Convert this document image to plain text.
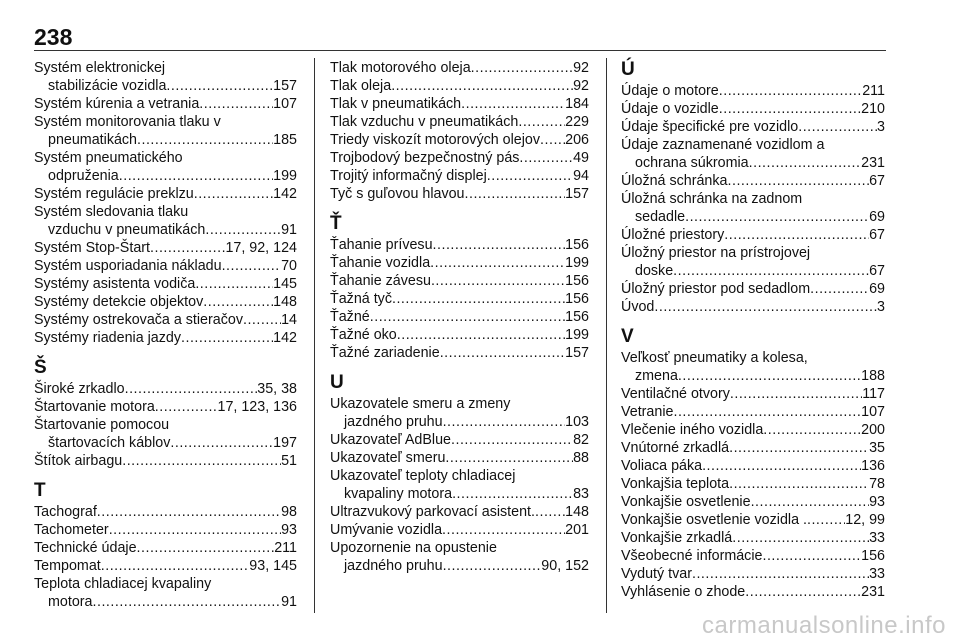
238
Systém elektronickej
stabilizácie vozidla .....	157
Systém kúrenia a vetrania .....	107
Systém monitorovania tlaku v
pneumatikách .....	185
Systém pneumatického
odpruženia .....	199
Systém regulácie preklzu .....	142
Systém sledovania tlaku
vzduchu v pneumatikách .....	91
Systém Stop-Štart .....	17, 92, 124
Systém usporiadania nákladu .....	70
Systémy asistenta vodiča .....	145
Systémy detekcie objektov .....	148
Systémy ostrekovača a stieračov .....	14
Systémy riadenia jazdy .....	142
Š
Široké zrkadlo .....	35, 38
Štartovanie motora .....	17, 123, 136
Štartovanie pomocou
štartovacích káblov .....	197
Štítok airbagu .....	51
T
Tachograf .....	98
Tachometer .....	93
Technické údaje .....	211
Tempomat .....	93, 145
Teplota chladiacej kvapaliny
motora .....	91
Tlak motorového oleja .....	92
Tlak oleja .....	92
Tlak v pneumatikách .....	184
Tlak vzduchu v pneumatikách .....	229
Triedy viskozít motorových olejov ..... 206
Trojbodový bezpečnostný pás .....	49
Trojitý informačný displej .....	94
Tyč s guľovou hlavou .....	157
Ť
Ťahanie prívesu .....	156
Ťahanie vozidla .....	199
Ťahanie závesu .....	156
Ťažná tyč .....	156
Ťažné .....	156
Ťažné oko .....	199
Ťažné zariadenie .....	157
U
Ukazovatele smeru a zmeny
jazdného pruhu .....	103
Ukazovateľ AdBlue .....	82
Ukazovateľ smeru .....	88
Ukazovateľ teploty chladiacej
kvapaliny motora .....	83
Ultrazvukový parkovací asistent. ..... 148
Umývanie vozidla .....	201
Upozornenie na opustenie
jazdného pruhu .....	90, 152
Ú
Údaje o motore .....	211
Údaje o vozidle .....	210
Údaje špecifické pre vozidlo .....	3
Údaje zaznamenané vozidlom a
ochrana súkromia .....	231
Úložná schránka .....	67
Úložná schránka na zadnom
sedadle .....	69
Úložné priestory .....	67
Úložný priestor na prístrojovej
doske .....	67
Úložný priestor pod sedadlom .....	69
Úvod .....	3
V
Veľkosť pneumatiky a kolesa,
zmena .....	188
Ventilačné otvory .....	117
Vetranie .....	107
Vlečenie iného vozidla .....	200
Vnútorné zrkadlá .....	35
Voliaca páka .....	136
Vonkajšia teplota .....	78
Vonkajšie osvetlenie .....	93
Vonkajšie osvetlenie vozidla . .....	12, 99
Vonkajšie zrkadlá .....	33
Všeobecné informácie .....	156
Vydutý tvar .....	33
Vyhlásenie o zhode .....	231
carmanualsonline.info
